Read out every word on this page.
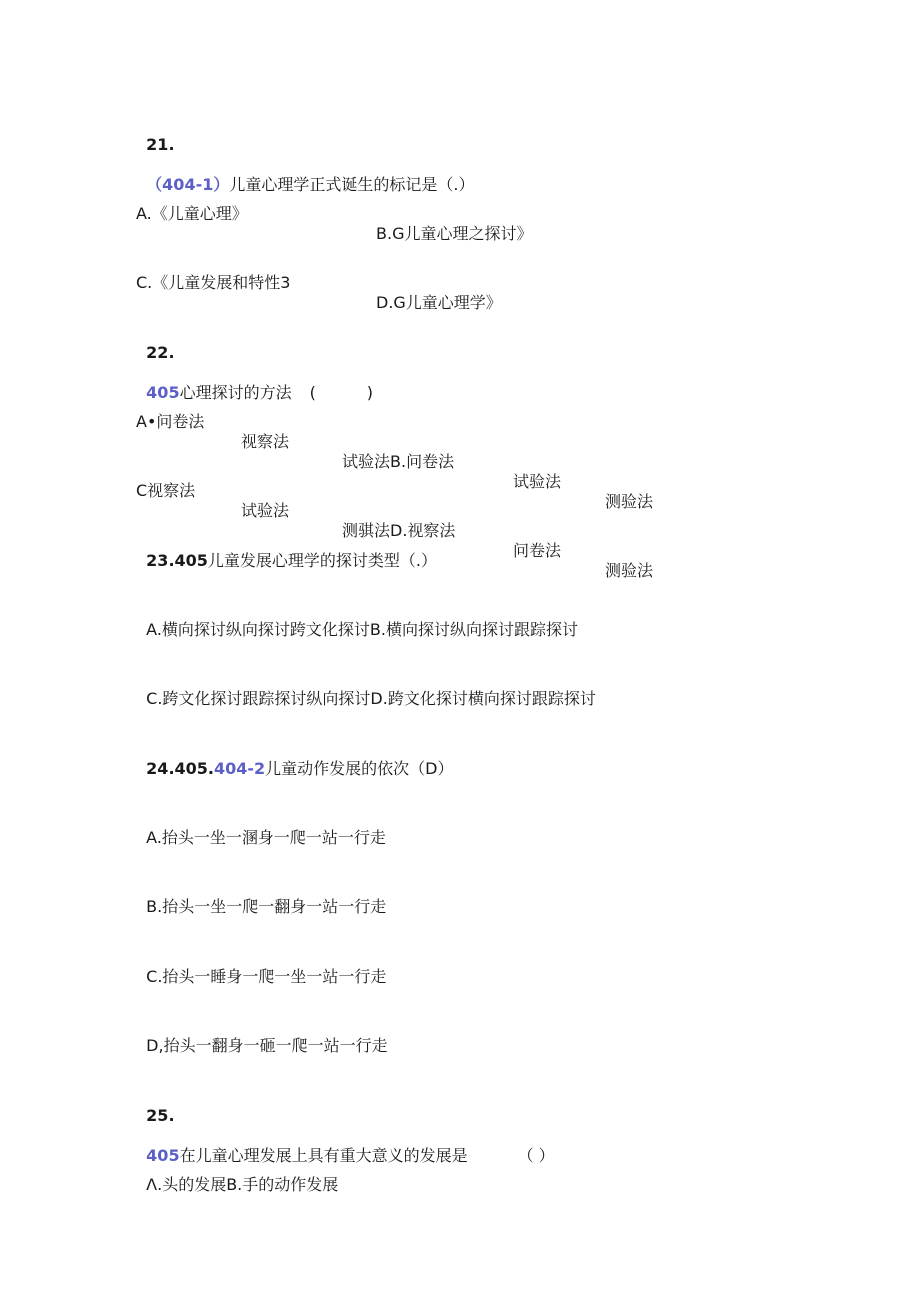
21.

（404-1）儿童心理学正式诞生的标记是（.）

A.《儿童心理》

B.G儿童心理之探讨》

C.《儿童发展和特性3

D.G儿童心理学》

22.

405心理探讨的方法 (          )

A•问卷法

视察法

试验法B.问卷法

试验法

测验法

C视察法

试验法

测骐法D.视察法

问卷法

测验法

23.405儿童发展心理学的探讨类型（.）

A.横向探讨纵向探讨跨文化探讨B.横向探讨纵向探讨跟踪探讨

C.跨文化探讨跟踪探讨纵向探讨D.跨文化探讨横向探讨跟踪探讨

24.405.404-2儿童动作发展的依次（D）

A.抬头一坐一溷身一爬一站一行走

B.抬头一坐一爬一翻身一站一行走

C.抬头一睡身一爬一坐一站一行走

D,抬头一翻身一砸一爬一站一行走

25.

405在儿童心理发展上具有重大意义的发展是	（ ）

Λ.头的发展B.手的动作发展
